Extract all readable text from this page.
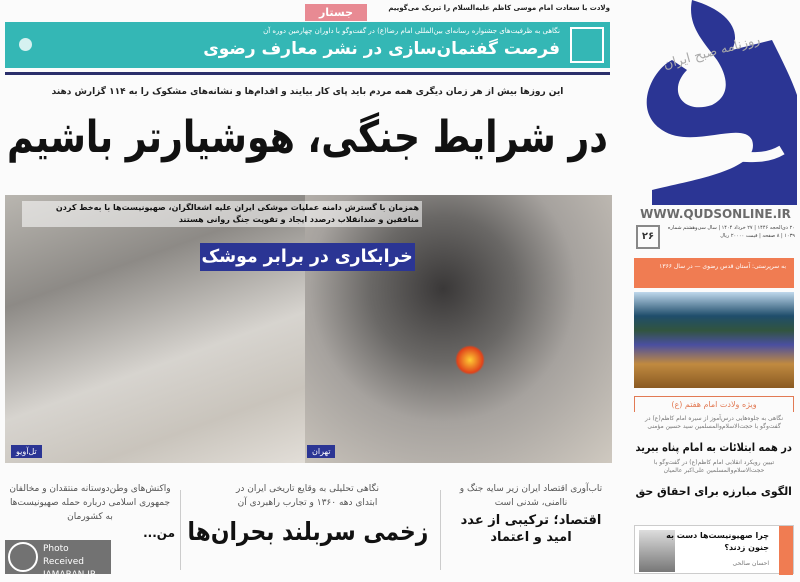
ولادت با سعادت امام موسی کاظم علیه‌السلام را تبریک می‌گوییم
جستار
نگاهی به ظرفیت‌های جشنواره رسانه‌ای بین‌المللی امام رضا(ع) در گفت‌وگو با داوران چهارمین دوره آن
فرصت گفتمان‌سازی در نشر معارف رضوی
این روزها بیش از هر زمان دیگری همه مردم باید پای کار بیایند و اقدام‌ها و نشانه‌های مشکوک را به ۱۱۴ گزارش دهند
در شرایط جنگی، هوشیارتر باشیم
همزمان با گسترش دامنه عملیات موشکی ایران علیه اشغالگران، صهیونیست‌ها با به‌خط کردن منافقین و ضدانقلاب درصدد ایجاد و تقویت جنگ روانی هستند
خرابکاری در برابر موشک
تل‌آویو	تهران
تاب‌آوری اقتصاد ایران زیر سایه جنگ و ناامنی، شدنی است
اقتصاد؛ ترکیبی از عدد امید و اعتماد
نگاهی تحلیلی به وقایع تاریخی ایران در ابتدای دهه ۱۳۶۰ و تجارب راهبردی آن
زخمی سربلند بحران‌ها
واکنش‌های وطن‌دوستانه منتقدان و مخالفان جمهوری اسلامی درباره حمله صهیونیست‌ها به کشورمان
من...
Photo Received
JAMARAN.IR
روزنامه صبح ایران
WWW.QUDSONLINE.IR
۲۶
۲۰ ذی‌الحجه ۱۴۴۶ | ۲۷ خرداد ۱۴۰۴ | سال سی‌وهشتم شماره ۱۰۳۹ | ۸ صفحه | قیمت ۲۰۰۰۰ ریال
به‌ سرپرستی: آستان قدس رضوی — در سال ۱۳۶۶
ویژه ولادت امام هفتم (ع)
نگاهی به جلوه‌هایی درس‌آموز از سیره امام کاظم(ع) در گفت‌وگو با حجت‌الاسلام‌والمسلمین سید حسین مؤمنی
در همه ابتلائات به امام پناه ببرید
تبیین رویکرد انقلابی امام کاظم(ع) در گفت‌وگو با حجت‌الاسلام‌والمسلمین علی‌اکبر عالمیان
الگوی مبارزه برای احقاق حق
چرا صهیونیست‌ها دست به جنون زدند؟
احسان صالحی
